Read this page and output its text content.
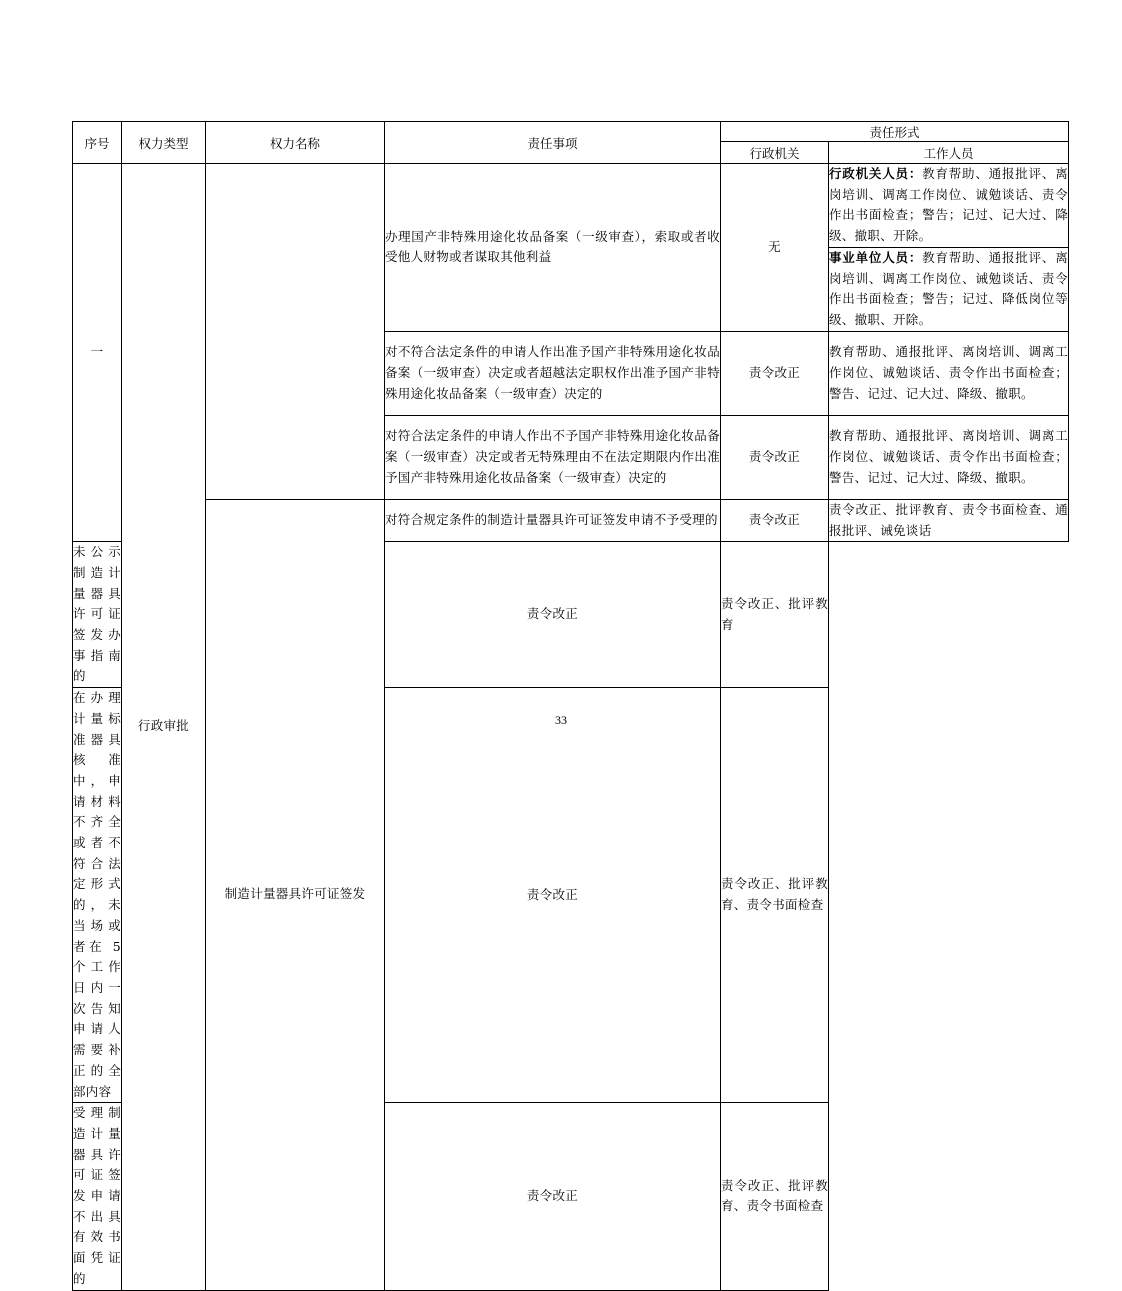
序号	权力类型	权力名称	责任事项	责任形式	
				行政机关	工作人员
一	行政审批		办理国产非特殊用途化妆品备案（一级审查），索取或者收受他人财物或者谋取其他利益	无	行政机关人员：教育帮助、通报批评、离岗培训、调离工作岗位、诚勉谈话、责令作出书面检查；警告；记过、记大过、降级、撤职、开除。
					事业单位人员：教育帮助、通报批评、离岗培训、调离工作岗位、诫勉谈话、责令作出书面检查；警告；记过、降低岗位等级、撤职、开除。
			对不符合法定条件的申请人作出准予国产非特殊用途化妆品备案（一级审查）决定或者超越法定职权作出准予国产非特殊用途化妆品备案（一级审查）决定的	责令改正	教育帮助、通报批评、离岗培训、调离工作岗位、诚勉谈话、责令作出书面检查；警告、记过、记大过、降级、撤职。
			对符合法定条件的申请人作出不予国产非特殊用途化妆品备案（一级审查）决定或者无特殊理由不在法定期限内作出准予国产非特殊用途化妆品备案（一级审查）决定的	责令改正	教育帮助、通报批评、离岗培训、调离工作岗位、诚勉谈话、责令作出书面检查；警告、记过、记大过、降级、撤职。
		制造计量器具许可证签发	对符合规定条件的制造计量器具许可证签发申请不予受理的	责令改正	责令改正、批评教育、责令书面检查、通报批评、诫免谈话
未公示制造计量器具许可证签发办事指南的			责令改正	责令改正、批评教育	
在办理计量标准器具核准中，申请材料不齐全或者不符合法定形式的，未当场或者在 5 个工作日内一次告知申请人需要补正的全部内容			责令改正	责令改正、批评教育、责令书面检查	
受理制造计量器具许可证签发申请不出具有效书面凭证的			责令改正	责令改正、批评教育、责令书面检查	
33
